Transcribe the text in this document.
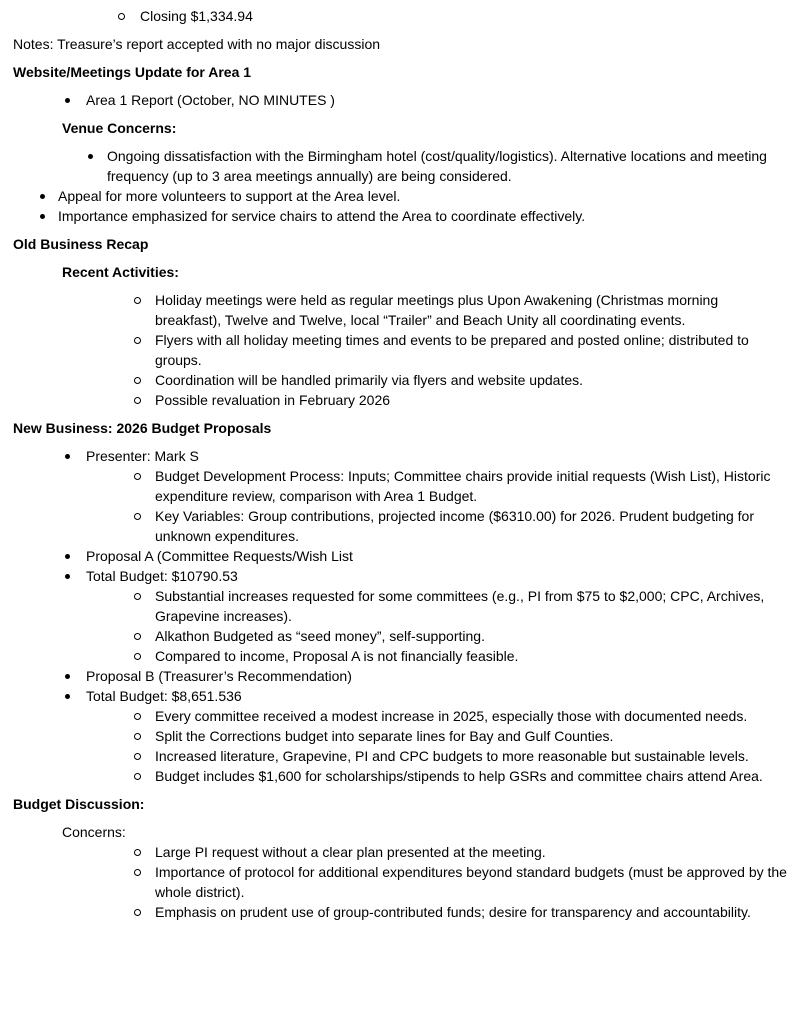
Closing $1,334.94
Notes: Treasure’s report accepted with no major discussion
Website/Meetings Update for Area 1
Area 1 Report (October, NO MINUTES )
Venue Concerns:
Ongoing dissatisfaction with the Birmingham hotel (cost/quality/logistics). Alternative locations and meeting frequency (up to 3 area meetings annually) are being considered.
Appeal for more volunteers to support at the Area level.
Importance emphasized for service chairs to attend the Area to coordinate effectively.
Old Business Recap
Recent Activities:
Holiday meetings were held as regular meetings plus Upon Awakening (Christmas morning breakfast), Twelve and Twelve, local “Trailer” and Beach Unity all coordinating events.
Flyers with all holiday meeting times and events to be prepared and posted online; distributed to groups.
Coordination will be handled primarily via flyers and website updates.
Possible revaluation in February 2026
New Business: 2026 Budget Proposals
Presenter: Mark S
Budget Development Process: Inputs; Committee chairs provide initial requests (Wish List), Historic expenditure review, comparison with Area 1 Budget.
Key Variables: Group contributions, projected income ($6310.00) for 2026. Prudent budgeting for unknown expenditures.
Proposal A (Committee Requests/Wish List
Total Budget: $10790.53
Substantial increases requested for some committees (e.g., PI from $75 to $2,000; CPC, Archives, Grapevine increases).
Alkathon Budgeted as “seed money”, self-supporting.
Compared to income, Proposal A is not financially feasible.
Proposal B (Treasurer’s Recommendation)
Total Budget: $8,651.536
Every committee received a modest increase in 2025, especially those with documented needs.
Split the Corrections budget into separate lines for Bay and Gulf Counties.
Increased literature, Grapevine, PI and CPC budgets to more reasonable but sustainable levels.
Budget includes $1,600 for scholarships/stipends to help GSRs and committee chairs attend Area.
Budget Discussion:
Concerns:
Large PI request without a clear plan presented at the meeting.
Importance of protocol for additional expenditures beyond standard budgets (must be approved by the whole district).
Emphasis on prudent use of group-contributed funds; desire for transparency and accountability.
